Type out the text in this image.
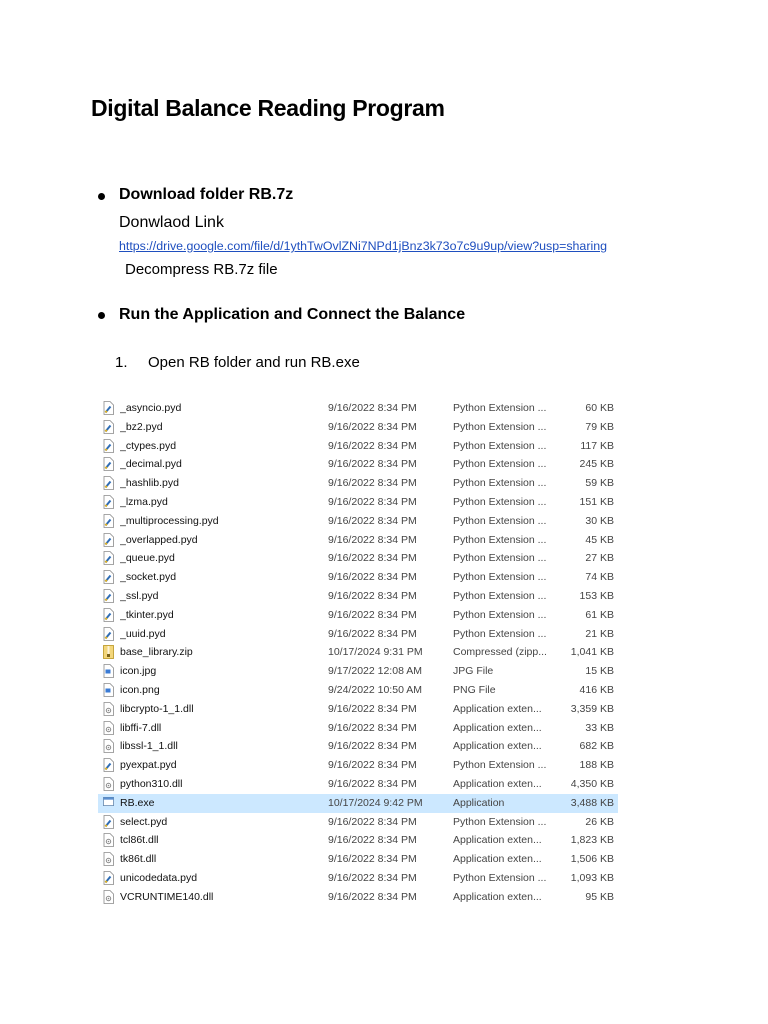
Digital Balance Reading Program
Download folder RB.7z
Donwlaod Link
https://drive.google.com/file/d/1ythTwOvlZNi7NPd1jBnz3k73o7c9u9up/view?usp=sharing
Decompress RB.7z file
Run the Application and Connect the Balance
1. Open RB folder and run RB.exe
_asyncio.pyd	9/16/2022 8:34 PM	Python Extension ...	60 KB
_bz2.pyd	9/16/2022 8:34 PM	Python Extension ...	79 KB
_ctypes.pyd	9/16/2022 8:34 PM	Python Extension ...	117 KB
_decimal.pyd	9/16/2022 8:34 PM	Python Extension ...	245 KB
_hashlib.pyd	9/16/2022 8:34 PM	Python Extension ...	59 KB
_lzma.pyd	9/16/2022 8:34 PM	Python Extension ...	151 KB
_multiprocessing.pyd	9/16/2022 8:34 PM	Python Extension ...	30 KB
_overlapped.pyd	9/16/2022 8:34 PM	Python Extension ...	45 KB
_queue.pyd	9/16/2022 8:34 PM	Python Extension ...	27 KB
_socket.pyd	9/16/2022 8:34 PM	Python Extension ...	74 KB
_ssl.pyd	9/16/2022 8:34 PM	Python Extension ...	153 KB
_tkinter.pyd	9/16/2022 8:34 PM	Python Extension ...	61 KB
_uuid.pyd	9/16/2022 8:34 PM	Python Extension ...	21 KB
base_library.zip	10/17/2024 9:31 PM	Compressed (zipp...	1,041 KB
icon.jpg	9/17/2022 12:08 AM	JPG File	15 KB
icon.png	9/24/2022 10:50 AM	PNG File	416 KB
libcrypto-1_1.dll	9/16/2022 8:34 PM	Application exten...	3,359 KB
libffi-7.dll	9/16/2022 8:34 PM	Application exten...	33 KB
libssl-1_1.dll	9/16/2022 8:34 PM	Application exten...	682 KB
pyexpat.pyd	9/16/2022 8:34 PM	Python Extension ...	188 KB
python310.dll	9/16/2022 8:34 PM	Application exten...	4,350 KB
RB.exe	10/17/2024 9:42 PM	Application	3,488 KB
select.pyd	9/16/2022 8:34 PM	Python Extension ...	26 KB
tcl86t.dll	9/16/2022 8:34 PM	Application exten...	1,823 KB
tk86t.dll	9/16/2022 8:34 PM	Application exten...	1,506 KB
unicodedata.pyd	9/16/2022 8:34 PM	Python Extension ...	1,093 KB
VCRUNTIME140.dll	9/16/2022 8:34 PM	Application exten...	95 KB
